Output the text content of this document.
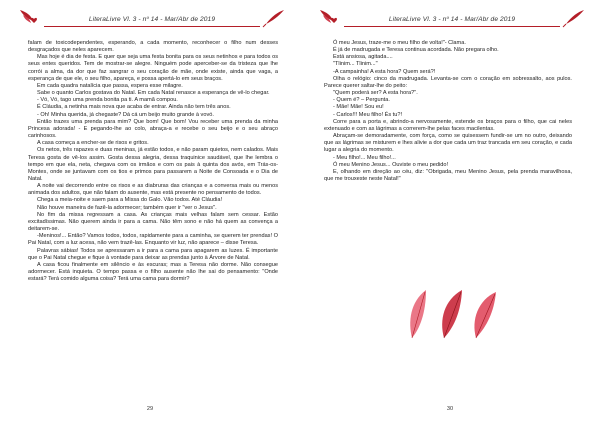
LiteraLivre Vl. 3 - nº 14 - Mar/Abr de 2019

falam de toxicodependentes, esperando, a cada momento, reconhecer o filho num desses desgraçados que neles aparecem.

Mas hoje é dia de festa. E quer que seja uma festa bonita para os seus netinhos e para todos os seus entes queridos. Tem de mostrar-se alegre. Ninguém pode aperceber-se da tristeza que lhe corrói a alma, da dor que faz sangrar o seu coração de mãe, onde existe, ainda que vaga, a esperança de que ele, o seu filho, apareça, e possa apertá-lo em seus braços.

Em cada quadra natalícia que passa, espera esse milagre.

Sabe o quanto Carlos gostava do Natal. Em cada Natal renasce a esperança de vê-lo chegar.

- Vó, Vó, tago uma prenda bonita pa ti. A mamã compou.

É Cláudia, a netinha mais nova que acaba de entrar. Ainda não tem três anos.

- Oh! Minha querida, já chegaste? Dá cá um beijo muito grande à vovó.

Então trazes uma prenda para mim? Que bom! Que bom! Vou receber uma prenda da minha Princesa adorada! - E pegando-lhe ao colo, abraça-a e recebe o seu beijo e o seu abraço carinhosos.

A casa começa a encher-se de risos e gritos.

Os netos, três rapazes e duas meninas, já estão todos, e não param quietos, nem calados. Mais Teresa gosta de vê-los assim. Gosta dessa alegria, dessa traquinice saudável, que lhe lembra o tempo em que ela, neta, chegava com os irmãos e com os pais à quinta dos avós, em Trás-os-Montes, onde se juntavam com os tios e primos para passarem a Noite de Consoada e o Dia de Natal.

A noite vai decorrendo entre os risos e as diabruras das crianças e a conversa mais ou menos animada dos adultos, que não falam do ausente, mas está presente no pensamento de todos.

Chega a meia-noite e saem para a Missa do Galo. Vão todos. Até Cláudia!

Não houve maneira de fazê-la adormecer; também quer ir "ver o Jesus".

No fim da missa regressam a casa. As crianças mais velhas falam sem cessar. Estão excitadíssimas. Não querem ainda ir para a cama. Não têm sono e não há quem as convença a deitarem-se.

-Meninos!... Então? Vamos todos, todos, rapidamente para a caminha, se querem ter prendas! O Pai Natal, com a luz acesa, não vem trazê-las. Enquanto vir luz, não aparece – disse Teresa.

Palavras sábias! Todos se apressaram a ir para a cama para apagarem as luzes. É importante que o Pai Natal chegue e fique à vontade para deixar as prendas junto à Árvore de Natal.

A casa ficou finalmente em silêncio e às escuras; mas a Teresa não dorme. Não consegue adormecer. Está inquieta. O tempo passa e o filho ausente não lhe sai do pensamento: "Onde estará? Terá comido alguma coisa? Terá uma cama para dormir?

29
LiteraLivre Vl. 3 - nº 14 - Mar/Abr de 2019

Ó meu Jesus, traze-me o meu filho de volta!"- Clama.

É já de madrugada e Teresa continua acordada. Não pregara olho.

Está ansiosa, agitada....

"Tlinim... Tlinim..."

-A campainha! A esta hora? Quem será?!

Olha o relógio: cinco da madrugada. Levanta-se com o coração em sobressalto, aos pulos. Parece querer saltar-lhe do peito:

"Quem poderá ser? A esta hora?".

- Quem é? – Pergunta.

- Mãe! Mãe! Sou eu!

- Carlos!!! Meu filho! És tu?!

Corre para a porta e, abrindo-a nervosamente, estende os braços para o filho, que cai neles extenuado e com as lágrimas a correrem-lhe pelas faces macilentas.

Abraçam-se demoradamente, com força, como se quisessem fundir-se um no outro, deixando que as lágrimas se misturem e lhes alivie a dor que cada um traz trancada em seu coração, e cada lugar a alegria do momento.

- Meu filho!... Meu filho!...

Ó meu Menino Jesus... Ouviste o meu pedido!

E, olhando em direção ao céu, diz: "Obrigada, meu Menino Jesus, pela prenda maravilhosa, que me trouxeste neste Natal!"

30
